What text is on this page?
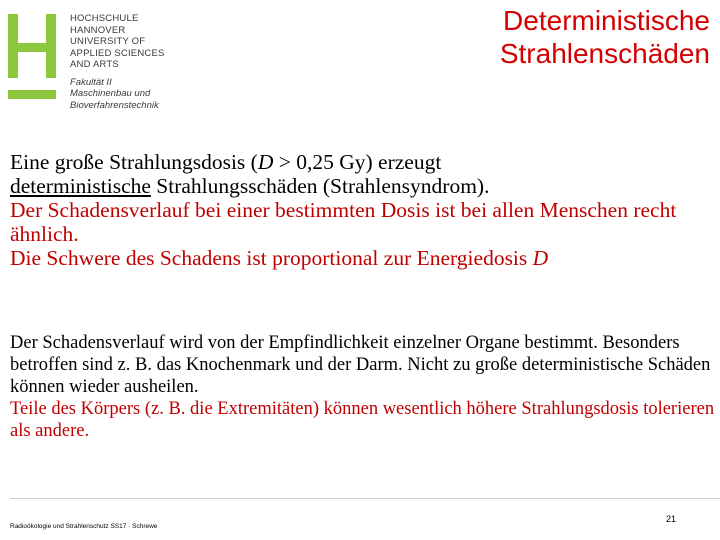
HOCHSCHULE
HANNOVER
UNIVERSITY OF
APPLIED SCIENCES
AND ARTS
Fakultät II
Maschinenbau und
Bioverfahrenstechnik
Deterministische
Strahlenschäden

Eine große Strahlungsdosis (D > 0,25 Gy) erzeugt
deterministische Strahlungsschäden (Strahlensyndrom).

Der Schadensverlauf bei einer bestimmten Dosis ist bei allen Menschen recht ähnlich.

Die Schwere des Schadens ist proportional zur Energiedosis D

Der Schadensverlauf wird von der Empfindlichkeit einzelner Organe bestimmt. Besonders betroffen sind z. B. das Knochenmark und der Darm. Nicht zu große deterministische Schäden können wieder ausheilen.

Teile des Körpers (z. B. die Extremitäten) können wesentlich höhere Strahlungsdosis tolerieren als andere.

Radioökologie und Strahlenschutz SS17 · Schrewe
21
